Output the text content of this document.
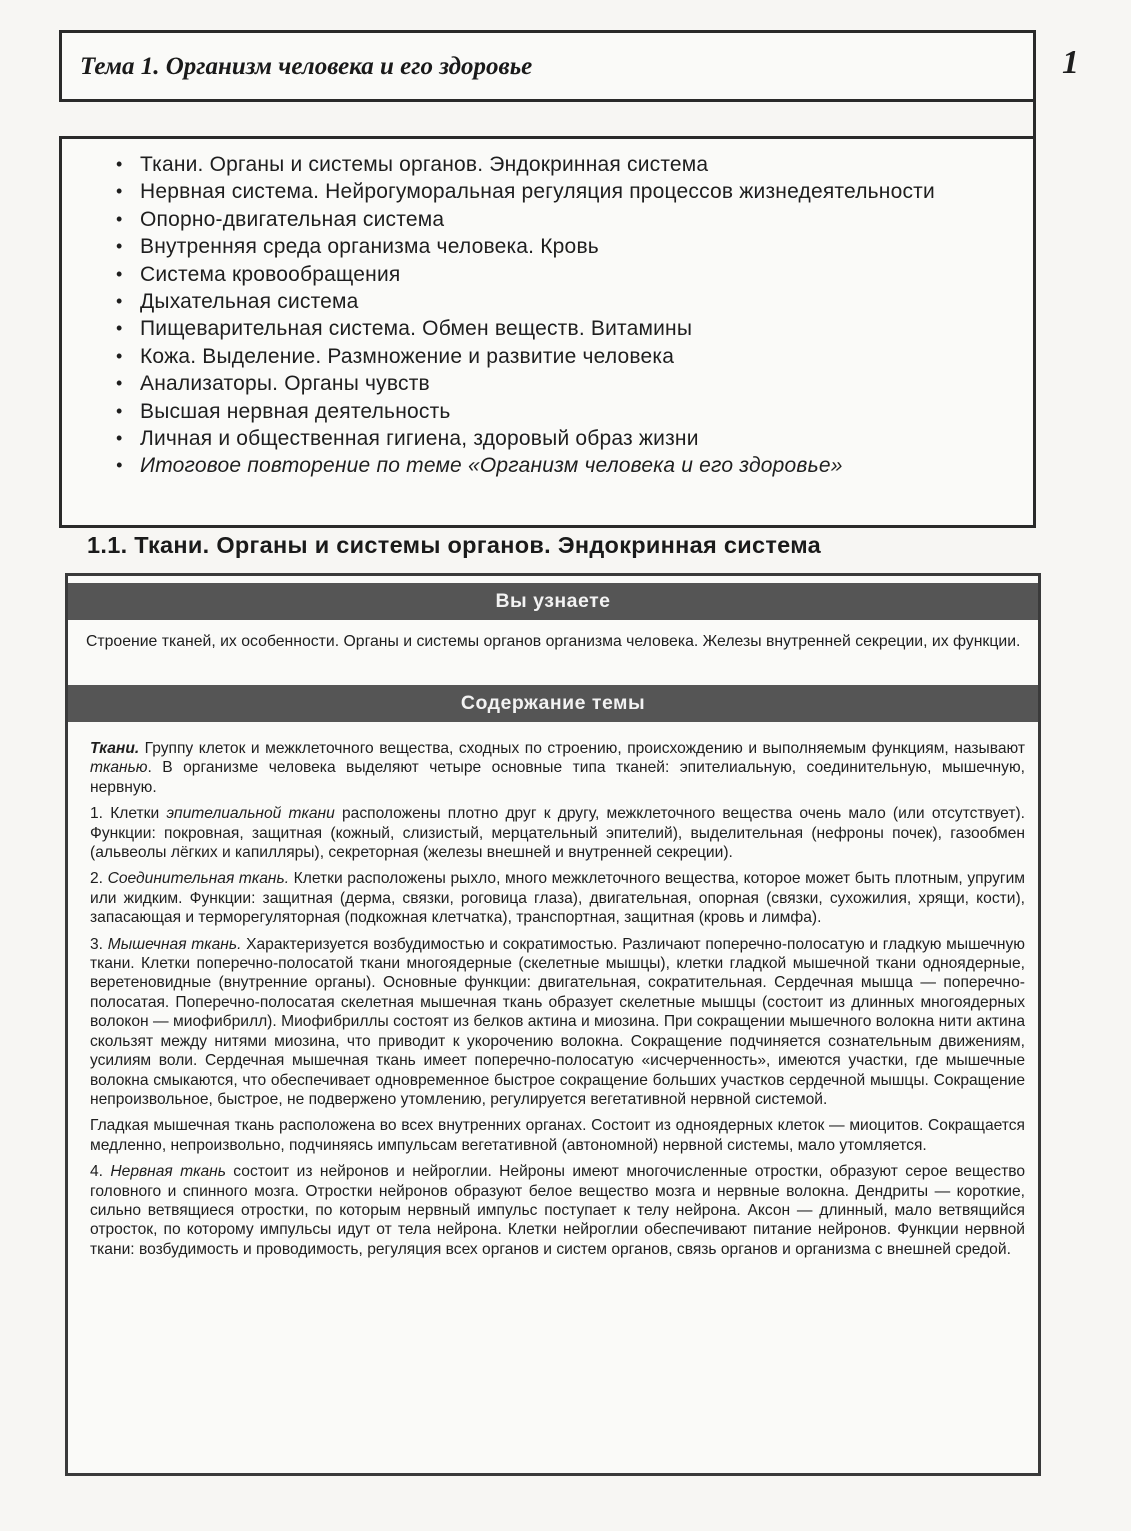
Тема 1. Организм человека и его здоровье	1
• Ткани. Органы и системы органов. Эндокринная система
• Нервная система. Нейрогуморальная регуляция процессов жизнедеятельности
• Опорно-двигательная система
• Внутренняя среда организма человека. Кровь
• Система кровообращения
• Дыхательная система
• Пищеварительная система. Обмен веществ. Витамины
• Кожа. Выделение. Размножение и развитие человека
• Анализаторы. Органы чувств
• Высшая нервная деятельность
• Личная и общественная гигиена, здоровый образ жизни
• Итоговое повторение по теме «Организм человека и его здоровье»
1.1. Ткани. Органы и системы органов. Эндокринная система
Вы узнаете
Строение тканей, их особенности. Органы и системы органов организма человека. Железы внутренней секреции, их функции.
Содержание темы

Ткани. Группу клеток и межклеточного вещества, сходных по строению, происхождению и выполняемым функциям, называют тканью. В организме человека выделяют четыре основные типа тканей: эпителиальную, соединительную, мышечную, нервную.

1. Клетки эпителиальной ткани расположены плотно друг к другу, межклеточного вещества очень мало (или отсутствует). Функции: покровная, защитная (кожный, слизистый, мерцательный эпителий), выделительная (нефроны почек), газообмен (альвеолы лёгких и капилляры), секреторная (железы внешней и внутренней секреции).

2. Соединительная ткань. Клетки расположены рыхло, много межклеточного вещества, которое может быть плотным, упругим или жидким. Функции: защитная (дерма, связки, роговица глаза), двигательная, опорная (связки, сухожилия, хрящи, кости), запасающая и терморегуляторная (подкожная клетчатка), транспортная, защитная (кровь и лимфа).

3. Мышечная ткань. Характеризуется возбудимостью и сократимостью. Различают поперечно-полосатую и гладкую мышечную ткани. Клетки поперечно-полосатой ткани многоядерные (скелетные мышцы), клетки гладкой мышечной ткани одноядерные, веретеновидные (внутренние органы). Основные функции: двигательная, сократительная. Сердечная мышца — поперечно-полосатая. Поперечно-полосатая скелетная мышечная ткань образует скелетные мышцы (состоит из длинных многоядерных волокон — миофибрилл). Миофибриллы состоят из белков актина и миозина. При сокращении мышечного волокна нити актина скользят между нитями миозина, что приводит к укорочению волокна. Сокращение подчиняется сознательным движениям, усилиям воли. Сердечная мышечная ткань имеет поперечно-полосатую «исчерченность», имеются участки, где мышечные волокна смыкаются, что обеспечивает одновременное быстрое сокращение больших участков сердечной мышцы. Сокращение непроизвольное, быстрое, не подвержено утомлению, регулируется вегетативной нервной системой.

Гладкая мышечная ткань расположена во всех внутренних органах. Состоит из одноядерных клеток — миоцитов. Сокращается медленно, непроизвольно, подчиняясь импульсам вегетативной (автономной) нервной системы, мало утомляется.

4. Нервная ткань состоит из нейронов и нейроглии. Нейроны имеют многочисленные отростки, образуют серое вещество головного и спинного мозга. Отростки нейронов образуют белое вещество мозга и нервные волокна. Дендриты — короткие, сильно ветвящиеся отростки, по которым нервный импульс поступает к телу нейрона. Аксон — длинный, мало ветвящийся отросток, по которому импульсы идут от тела нейрона. Клетки нейроглии обеспечивают питание нейронов. Функции нервной ткани: возбудимость и проводимость, регуляция всех органов и систем органов, связь органов и организма с внешней средой.
